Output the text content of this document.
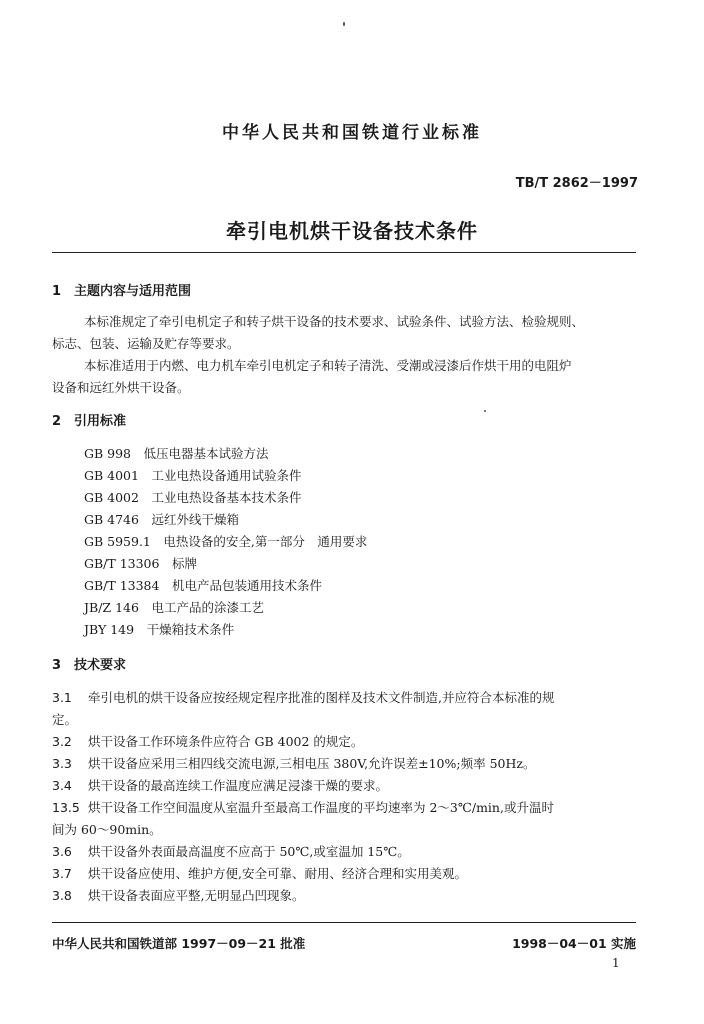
中华人民共和国铁道行业标准
TB/T 2862－1997
牵引电机烘干设备技术条件
1 主题内容与适用范围
本标准规定了牵引电机定子和转子烘干设备的技术要求、试验条件、试验方法、检验规则、
标志、包装、运输及贮存等要求。
本标准适用于内燃、电力机车牵引电机定子和转子清洗、受潮或浸漆后作烘干用的电阻炉
设备和远红外烘干设备。
2 引用标准
GB 998　 低压电器基本试验方法
GB 4001　 工业电热设备通用试验条件
GB 4002　 工业电热设备基本技术条件
GB 4746　 远红外线干燥箱
GB 5959.1　 电热设备的安全,第一部分　通用要求
GB/T 13306　 标牌
GB/T 13384　 机电产品包装通用技术条件
JB/Z 146　 电工产品的涂漆工艺
JBY 149　 干燥箱技术条件
3 技术要求
3.1 牵引电机的烘干设备应按经规定程序批准的图样及技术文件制造,并应符合本标准的规
定。
3.2 烘干设备工作环境条件应符合 GB 4002 的规定。
3.3 烘干设备应采用三相四线交流电源,三相电压 380V,允许误差±10%;频率 50Hz。
3.4 烘干设备的最高连续工作温度应满足浸漆干燥的要求。
13.5 烘干设备工作空间温度从室温升至最高工作温度的平均速率为 2～3℃/min,或升温时
间为 60～90min。
3.6 烘干设备外表面最高温度不应高于 50℃,或室温加 15℃。
3.7 烘干设备应使用、维护方便,安全可靠、耐用、经济合理和实用美观。
3.8 烘干设备表面应平整,无明显凸凹现象。
中华人民共和国铁道部 1997－09－21 批准	1998－04－01 实施
1
